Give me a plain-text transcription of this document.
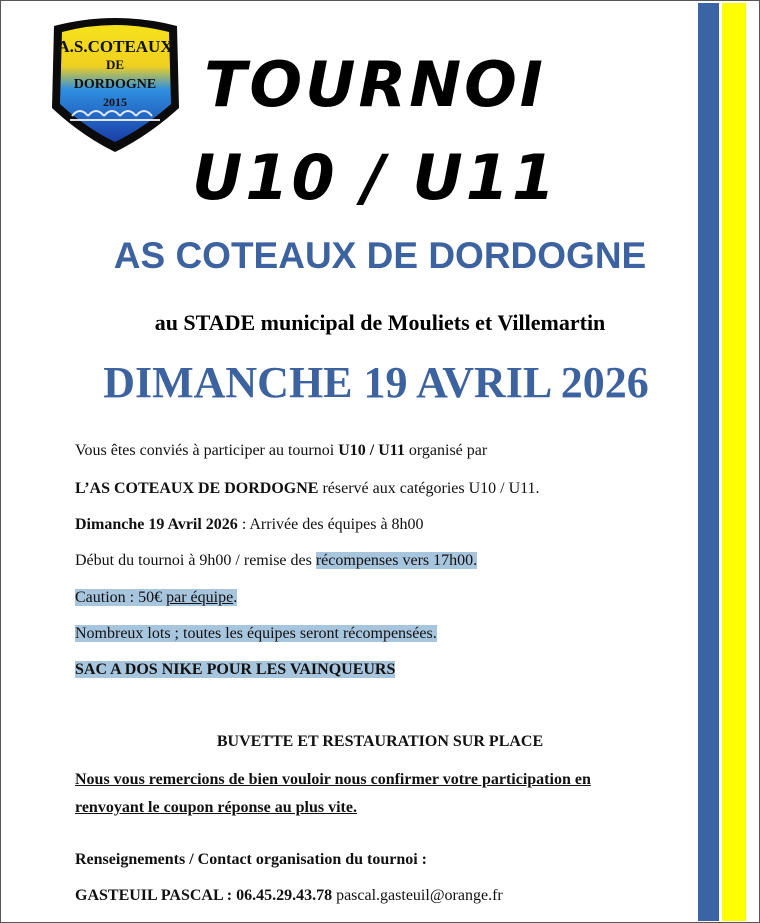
A.S.COTEAUX
DE
DORDOGNE
2015	TOURNOI
U10 / U11
AS COTEAUX DE DORDOGNE
au STADE municipal de Mouliets et Villemartin
DIMANCHE 19 AVRIL 2026
Vous êtes conviés à participer au tournoi U10 / U11 organisé par
L’AS COTEAUX DE DORDOGNE réservé aux catégories U10 / U11.
Dimanche 19 Avril 2026 : Arrivée des équipes à 8h00
Début du tournoi à 9h00 / remise des récompenses vers 17h00.
Caution : 50€ par équipe.
Nombreux lots ; toutes les équipes seront récompensées.
SAC A DOS NIKE POUR LES VAINQUEURS
BUVETTE ET RESTAURATION SUR PLACE
Nous vous remercions de bien vouloir nous confirmer votre participation en
renvoyant le coupon réponse au plus vite.
Renseignements / Contact organisation du tournoi :
GASTEUIL PASCAL : 06.45.29.43.78 pascal.gasteuil@orange.fr
